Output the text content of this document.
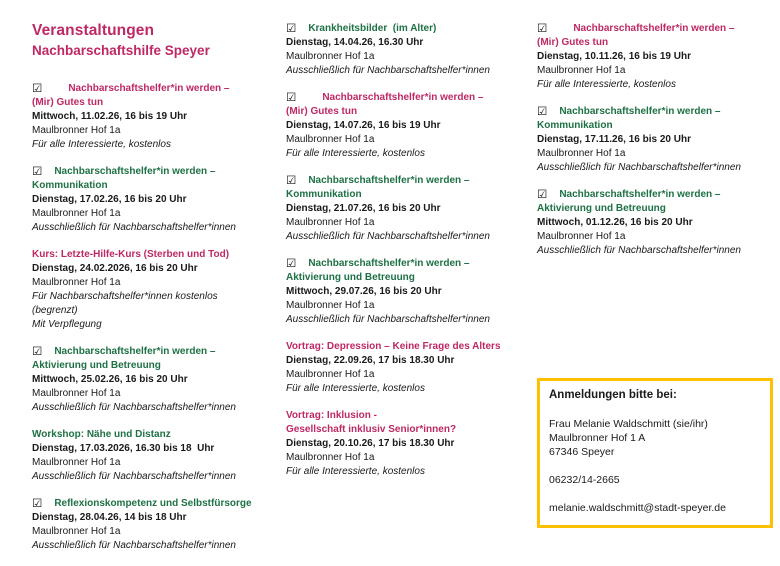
Veranstaltungen
Nachbarschaftshilfe Speyer
☑	Nachbarschaftshelfer*in werden –
(Mir) Gutes tun
Mittwoch, 11.02.26, 16 bis 19 Uhr
Maulbronner Hof 1a
Für alle Interessierte, kostenlos
☑ Nachbarschaftshelfer*in werden –
Kommunikation
Dienstag, 17.02.26, 16 bis 20 Uhr
Maulbronner Hof 1a
Ausschließlich für Nachbarschaftshelfer*innen
Kurs: Letzte-Hilfe-Kurs (Sterben und Tod)
Dienstag, 24.02.2026, 16 bis 20 Uhr
Maulbronner Hof 1a
Für Nachbarschaftshelfer*innen kostenlos
(begrenzt)
Mit Verpflegung
☑ Nachbarschaftshelfer*in werden –
Aktivierung und Betreuung
Mittwoch, 25.02.26, 16 bis 20 Uhr
Maulbronner Hof 1a
Ausschließlich für Nachbarschaftshelfer*innen
Workshop: Nähe und Distanz
Dienstag, 17.03.2026, 16.30 bis 18  Uhr
Maulbronner Hof 1a
Ausschließlich für Nachbarschaftshelfer*innen
☑ Reflexionskompetenz und Selbstfürsorge
Dienstag, 28.04.26, 14 bis 18 Uhr
Maulbronner Hof 1a
Ausschließlich für Nachbarschaftshelfer*innen
☑ Krankheitsbilder  (im Alter)
Dienstag, 14.04.26, 16.30 Uhr
Maulbronner Hof 1a
Ausschließlich für Nachbarschaftshelfer*innen
☑	Nachbarschaftshelfer*in werden –
(Mir) Gutes tun
Dienstag, 14.07.26, 16 bis 19 Uhr
Maulbronner Hof 1a
Für alle Interessierte, kostenlos
☑ Nachbarschaftshelfer*in werden –
Kommunikation
Dienstag, 21.07.26, 16 bis 20 Uhr
Maulbronner Hof 1a
Ausschließlich für Nachbarschaftshelfer*innen
☑ Nachbarschaftshelfer*in werden –
Aktivierung und Betreuung
Mittwoch, 29.07.26, 16 bis 20 Uhr
Maulbronner Hof 1a
Ausschließlich für Nachbarschaftshelfer*innen
Vortrag: Depression – Keine Frage des Alters
Dienstag, 22.09.26, 17 bis 18.30 Uhr
Maulbronner Hof 1a
Für alle Interessierte, kostenlos
Vortrag: Inklusion -
Gesellschaft inklusiv Senior*innen?
Dienstag, 20.10.26, 17 bis 18.30 Uhr
Maulbronner Hof 1a
Für alle Interessierte, kostenlos
☑	Nachbarschaftshelfer*in werden –
(Mir) Gutes tun
Dienstag, 10.11.26, 16 bis 19 Uhr
Maulbronner Hof 1a
Für alle Interessierte, kostenlos
☑ Nachbarschaftshelfer*in werden –
Kommunikation
Dienstag, 17.11.26, 16 bis 20 Uhr
Maulbronner Hof 1a
Ausschließlich für Nachbarschaftshelfer*innen
☑ Nachbarschaftshelfer*in werden –
Aktivierung und Betreuung
Mittwoch, 01.12.26, 16 bis 20 Uhr
Maulbronner Hof 1a
Ausschließlich für Nachbarschaftshelfer*innen
Anmeldungen bitte bei:

Frau Melanie Waldschmitt (sie/ihr)
Maulbronner Hof 1 A
67346 Speyer

06232/14-2665

melanie.waldschmitt@stadt-speyer.de
